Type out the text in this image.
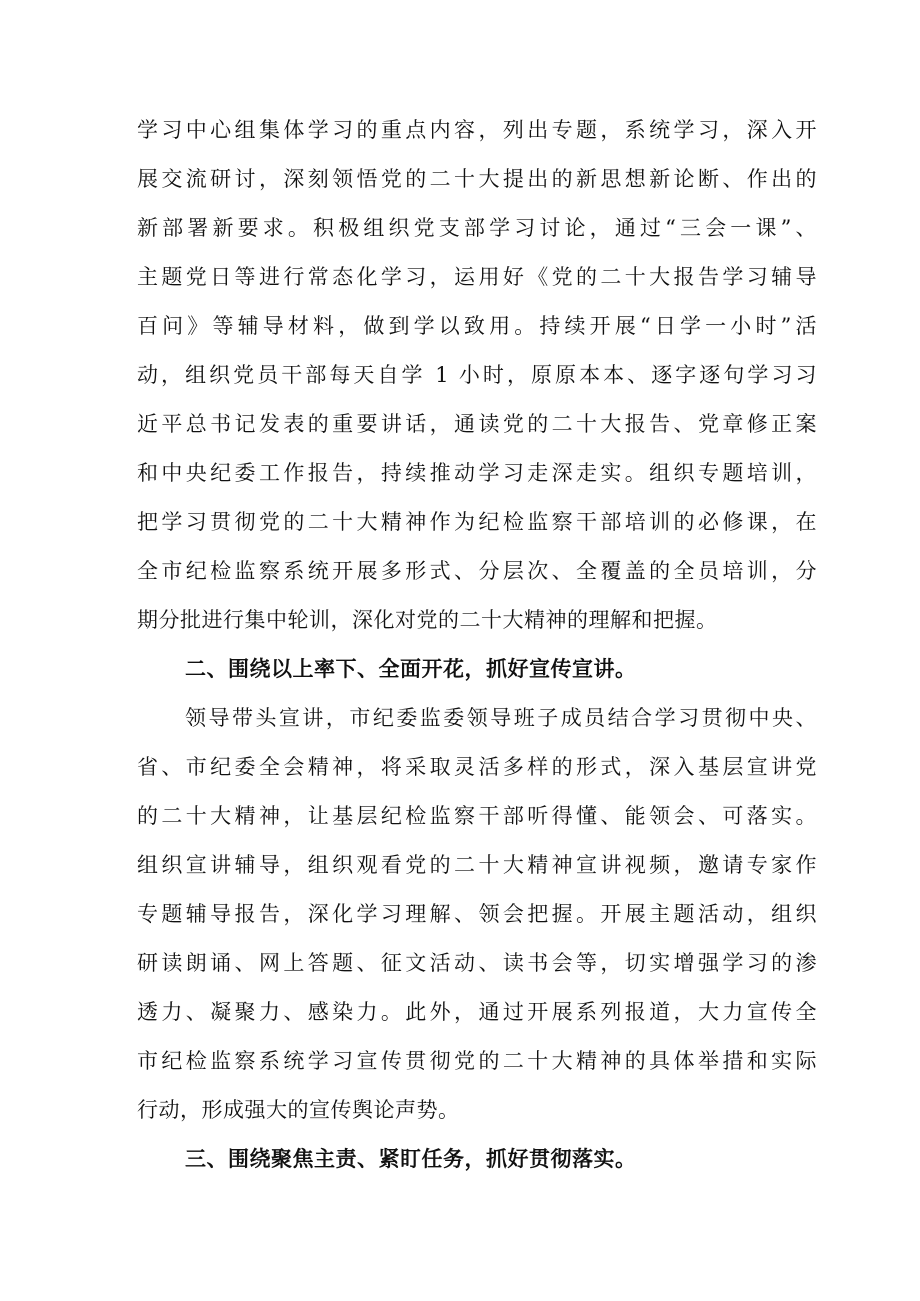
学习中心组集体学习的重点内容，列出专题，系统学习，深入开
展交流研讨，深刻领悟党的二十大提出的新思想新论断、作出的
新部署新要求。积极组织党支部学习讨论，通过“三会一课”、
主题党日等进行常态化学习，运用好《党的二十大报告学习辅导
百问》等辅导材料，做到学以致用。持续开展“日学一小时”活
动，组织党员干部每天自学 1 小时，原原本本、逐字逐句学习习
近平总书记发表的重要讲话，通读党的二十大报告、党章修正案
和中央纪委工作报告，持续推动学习走深走实。组织专题培训，
把学习贯彻党的二十大精神作为纪检监察干部培训的必修课，在
全市纪检监察系统开展多形式、分层次、全覆盖的全员培训，分
期分批进行集中轮训，深化对党的二十大精神的理解和把握。
二、围绕以上率下、全面开花，抓好宣传宣讲。
领导带头宣讲，市纪委监委领导班子成员结合学习贯彻中央、
省、市纪委全会精神，将采取灵活多样的形式，深入基层宣讲党
的二十大精神，让基层纪检监察干部听得懂、能领会、可落实。
组织宣讲辅导，组织观看党的二十大精神宣讲视频，邀请专家作
专题辅导报告，深化学习理解、领会把握。开展主题活动，组织
研读朗诵、网上答题、征文活动、读书会等，切实增强学习的渗
透力、凝聚力、感染力。此外，通过开展系列报道，大力宣传全
市纪检监察系统学习宣传贯彻党的二十大精神的具体举措和实际
行动，形成强大的宣传舆论声势。
三、围绕聚焦主责、紧盯任务，抓好贯彻落实。
